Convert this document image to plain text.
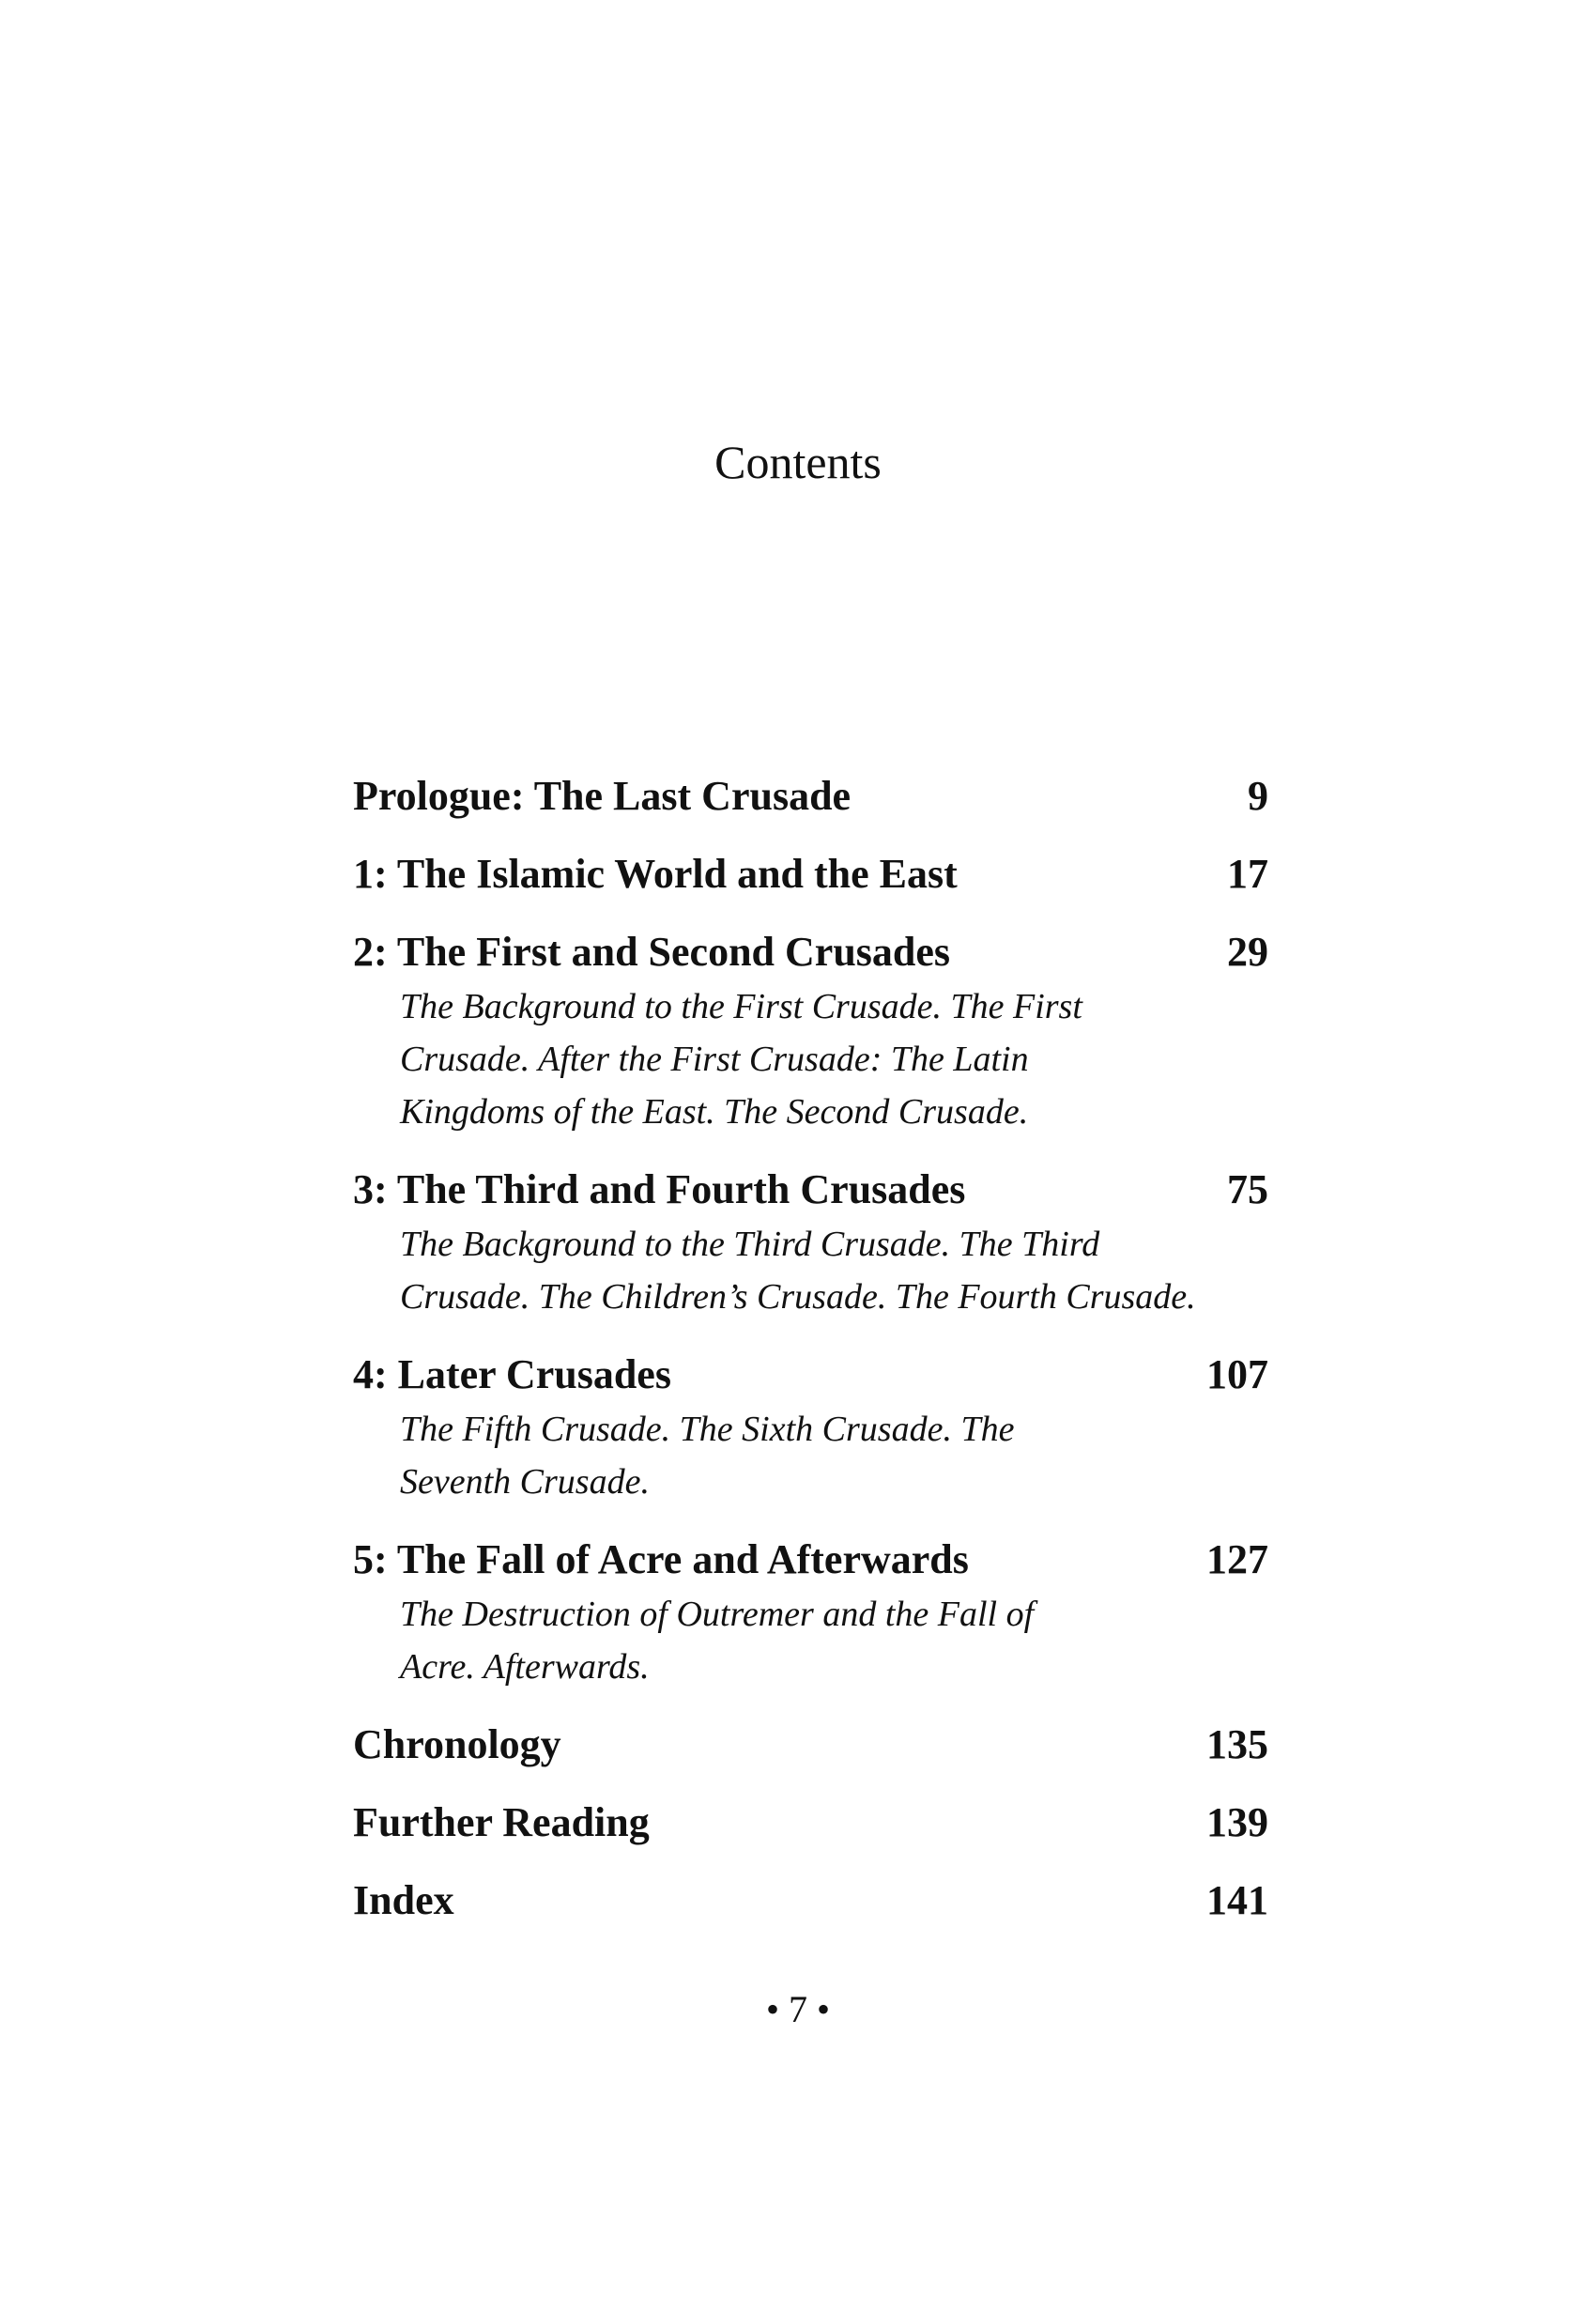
Contents
Prologue: The Last Crusade	9
1: The Islamic World and the East	17
2: The First and Second Crusades	29
The Background to the First Crusade. The First
Crusade. After the First Crusade: The Latin
Kingdoms of the East. The Second Crusade.
3: The Third and Fourth Crusades	75
The Background to the Third Crusade. The Third
Crusade. The Children’s Crusade. The Fourth Crusade.
4: Later Crusades	107
The Fifth Crusade. The Sixth Crusade. The
Seventh Crusade.
5: The Fall of Acre and Afterwards	127
The Destruction of Outremer and the Fall of
Acre. Afterwards.
Chronology	135
Further Reading	139
Index	141
• 7 •
